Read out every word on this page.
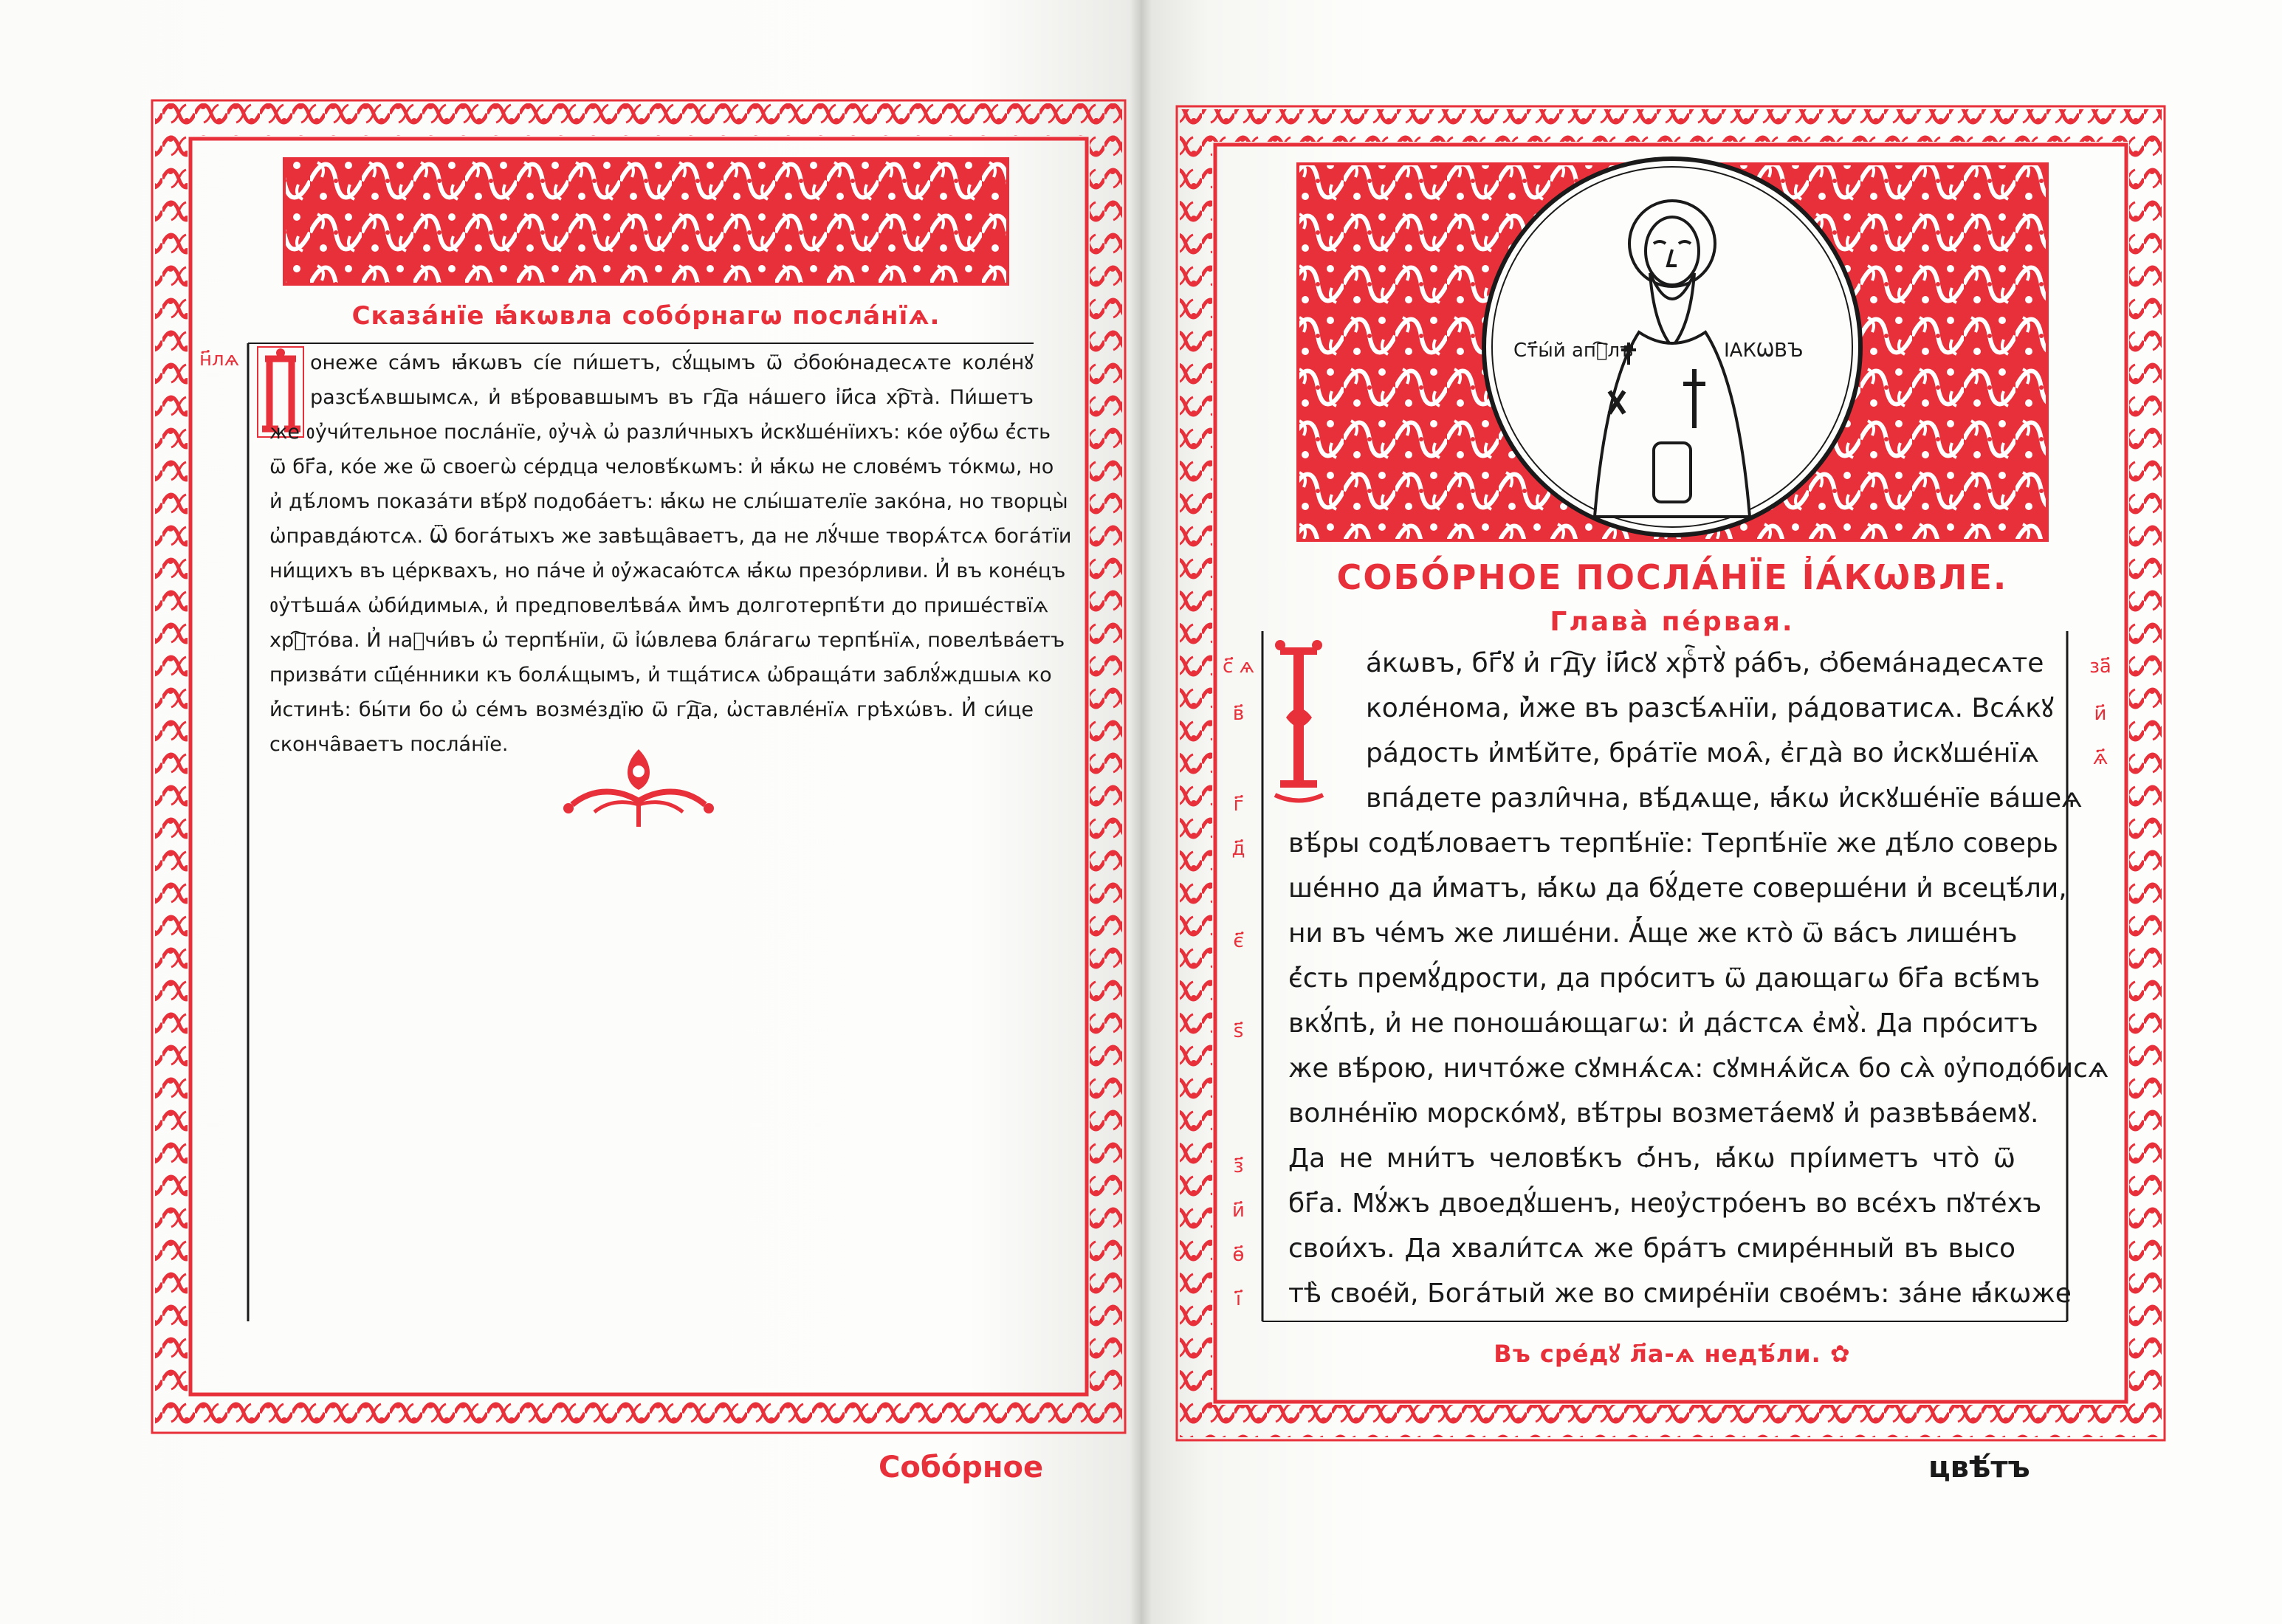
Сказа́нїе ꙗ҆́кѡвла собо́рнагѡ посла́нїѧ.
н҃лѧ	онеже са́мъ ꙗ҆́кѡвъ сі́е пи́шетъ, сꙋ́щымъ ѿ ѻ҆бою́надесѧте коле́нꙋ
разсѣ́ѧвшымсѧ, и҆ вѣ́ровавшымъ въ гд҇а на́шего і҆и҃са хр҇та̀. Пи́шетъ
же ᲂу҆чи́тельное посла́нїе, ᲂу҆чѧ̀ ѡ҆ разли́чныхъ и҆скꙋше́нїихъ: ко́е ᲂу҆́бѡ є҆́сть
ѿ бг҃а, ко́е же ѿ своегѡ̀ се́рдца человѣ́кѡмъ: и҆ ꙗ҆́кѡ не слове́мъ то́кмѡ, но
и҆ дѣ́ломъ показа́ти вѣ́рꙋ подоба́етъ: ꙗ҆́кѡ не слы́шателїе зако́на, но творцы̀
ѡ҆правда́ютсѧ. Ѿ бога́тыхъ же завѣща̑ваетъ, да не лꙋ́чше творѧ́тсѧ бога́тїи
ни́щихъ въ це́рквахъ, но па́че и҆ ᲂу҆́жасаю́тсѧ ꙗ҆́кѡ презо́рливи. И҆ въ коне́цъ
ᲂу҆тѣша́ѧ ѡ҆би́димыѧ, и҆ предповелѣва́ѧ и҆̀мъ долготерпѣ́ти до прише́ствїѧ
хрⷭ҇то́ва. И҆ наꙋчи́въ ѡ҆ терпѣ́нїи, ѿ і҆ѡ́влева бла́гагѡ терпѣ́нїѧ, повелѣва́етъ
призва́ти сщ҃е́нники къ болѧ́щымъ, и҆ тща́тисѧ ѡ҆браща́ти заблꙋ́ждшыѧ ко
и҆́стинѣ: бы́ти бо ѡ҆ се́мъ возме́здїю ѿ гд҇а, ѡ҆ставле́нїѧ грѣхѡ́въ. И҆ си́це
сконча̑ваетъ посла́нїе.
Собо́рное
Ст҃ы́й апⷭ҇лъ	ІАКѠВЪ
СОБО́РНОЕ ПОСЛА́НЇЕ І҆А́КѠВЛЕ.
Глава̀ пе́рвая.
а́кѡвъ, бг҃ꙋ и҆ гд҇у і҆и҃сꙋ хрⷭ҇тꙋ̀ ра́бъ, ѻ҆бема́надесѧте
коле́нома, и҆̀же въ разсѣ́ѧнїи, ра́доватисѧ. Всѧ́кꙋ
ра́дость и҆мѣ́йте, бра́тїе моѧ̑, є҆гда̀ во и҆скꙋше́нїѧ
впа́дете разли̑чна, вѣ́дѧще, ꙗ҆́кѡ и҆скꙋше́нїе ва́шеѧ
вѣ́ры содѣ́ловаетъ терпѣ́нїе: Терпѣ́нїе же дѣ́ло соверь
ше́нно да и҆́матъ, ꙗ҆́кѡ да бꙋ́дете соверше́ни и҆ всецѣ́ли,
ни въ че́мъ же лише́ни. А҆́ще же кто̀ ѿ ва́съ лише́нъ
є҆́сть премꙋ́дрости, да про́ситъ ѿ дающагѡ бг҃а всѣ́мъ
вкꙋ́пѣ, и҆ не поноша́ющагѡ: и҆ да́стсѧ є҆мꙋ̀. Да про́ситъ
же вѣ́рою, ничто́же сꙋмнѧ́сѧ: сꙋмнѧ́йсѧ бо сѧ̀ ᲂу҆подо́бисѧ
волне́нїю морско́мꙋ, вѣ́тры возмета́емꙋ и҆ развѣва́емꙋ.
Да не мни́тъ человѣ́къ ѻ҆́нъ, ꙗ҆́кѡ прі́иметъ что̀ ѿ
бг҃а. Мꙋ́жъ двоедꙋ́шенъ, неᲂу҆стро́енъ во все́хъ пꙋте́хъ
свои́хъ. Да хвали́тсѧ же бра́тъ смире́нный въ высо
тѣ̀ свое́й, Бога́тый же во смире́нїи свое́мъ: за́не ꙗ҆́кѡже
с҃ ѧ
в҃
г҃
д҃
є҃
ѕ҃
з҃
и҃
ѳ҃
і҃
за҃
и҃
ѧ҃
Въ сре́дꙋ л҃а-ѧ недѣ́ли. ✿
цвѣ́тъ
